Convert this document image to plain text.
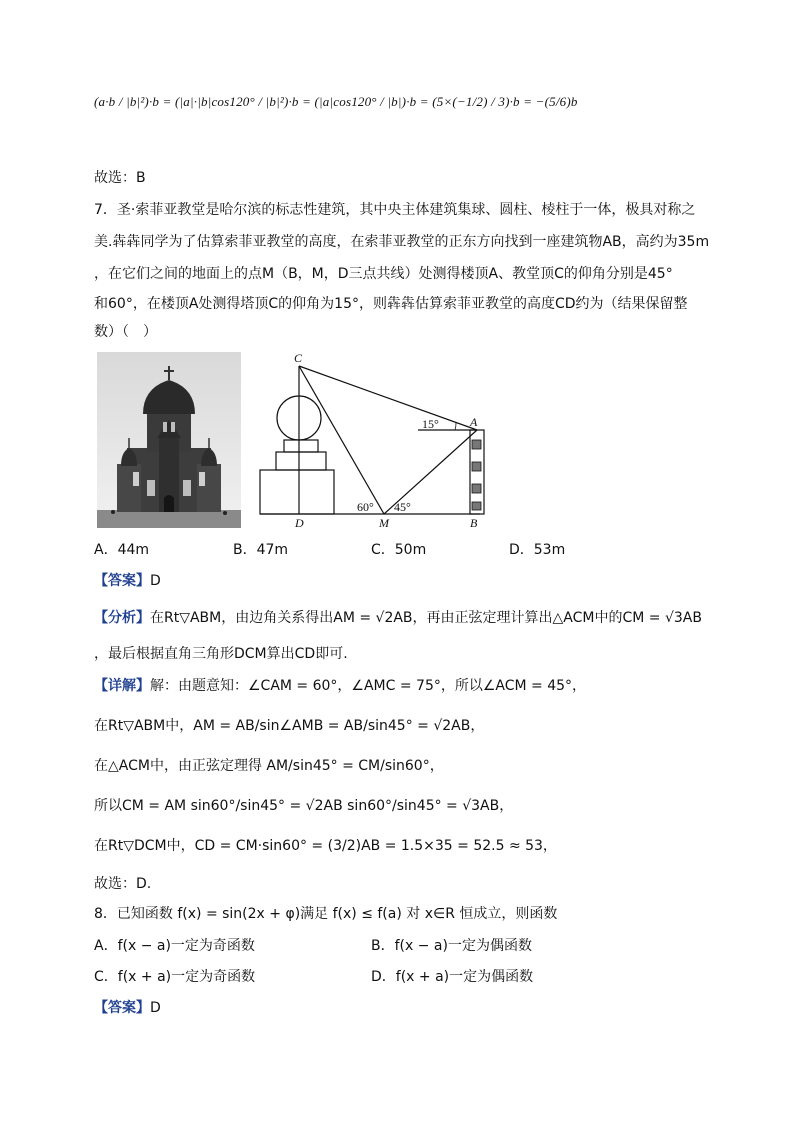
(a·b / |b|²)·b = (|a|·|b|cos120° / |b|²)·b = (|a|cos120° / |b|)·b = (5×(−1/2) / 3)·b = −(5/6)b
故选：B
7．圣·索菲亚教堂是哈尔滨的标志性建筑，其中央主体建筑集球、圆柱、棱柱于一体，极具对称之
美.犇犇同学为了估算索菲亚教堂的高度，在索菲亚教堂的正东方向找到一座建筑物AB，高约为35m
，在它们之间的地面上的点M（B，M，D三点共线）处测得楼顶A、教堂顶C的仰角分别是45°
和60°，在楼顶A处测得塔顶C的仰角为15°，则犇犇估算索菲亚教堂的高度CD约为（结果保留整
数）（　）
C
A
D	M	B
15°
60° 45°
A．44m	B．47m	C．50m	D．53m
【答案】D
【分析】在Rt▽ABM，由边角关系得出AM = √2AB，再由正弦定理计算出△ACM中的CM = √3AB
，最后根据直角三角形DCM算出CD即可.
【详解】解：由题意知：∠CAM = 60°，∠AMC = 75°，所以∠ACM = 45°，
在Rt▽ABM中，AM = AB/sin∠AMB = AB/sin45° = √2AB，
在△ACM中，由正弦定理得 AM/sin45° = CM/sin60°，
所以CM = AM sin60°/sin45° = √2AB sin60°/sin45° = √3AB，
在Rt▽DCM中，CD = CM·sin60° = (3/2)AB = 1.5×35 = 52.5 ≈ 53，
故选：D.
8．已知函数 f(x) = sin(2x + φ)满足 f(x) ≤ f(a) 对 x∈R 恒成立，则函数
A．f(x − a)一定为奇函数	B．f(x − a)一定为偶函数
C．f(x + a)一定为奇函数	D．f(x + a)一定为偶函数
【答案】D
